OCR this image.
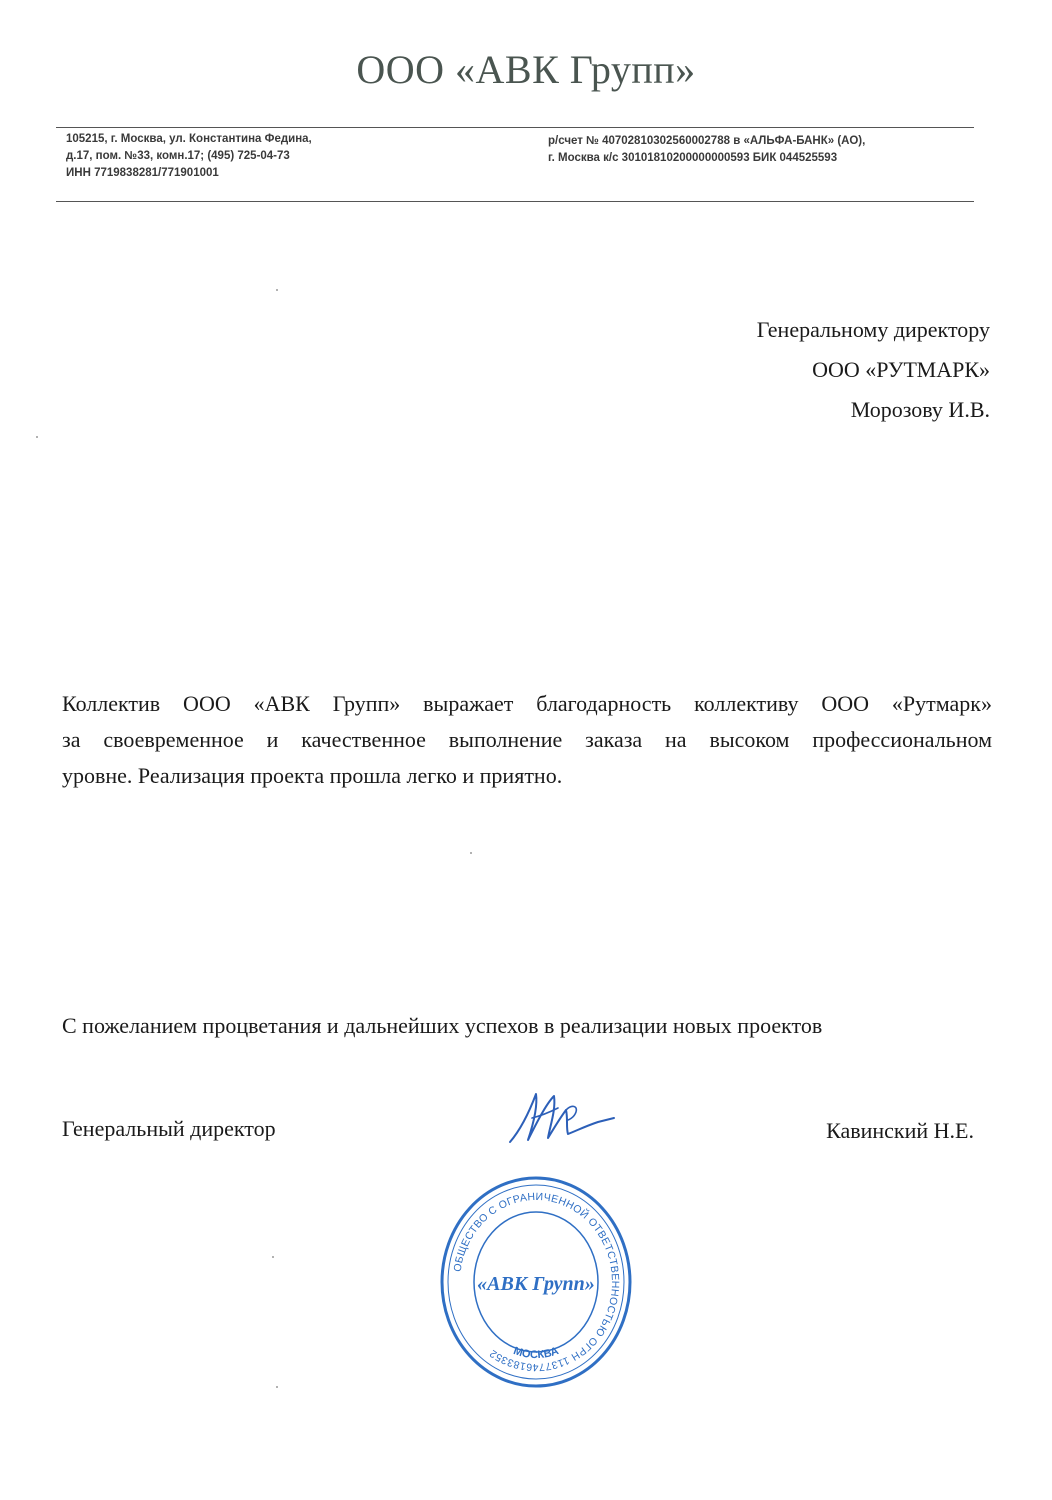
ООО «АВК Групп»
105215, г. Москва, ул. Константина Федина,
д.17, пом. №33, комн.17; (495) 725-04-73
ИНН 7719838281/771901001
р/счет № 40702810302560002788 в «АЛЬФА-БАНК» (АО),
г. Москва к/с 30101810200000000593 БИК 044525593
Генеральному директору
ООО «РУТМАРК»
Морозову И.В.
Коллектив ООО «АВК Групп» выражает благодарность коллективу ООО «Рутмарк»
за своевременное и качественное выполнение заказа на высоком профессиональном
уровне. Реализация проекта прошла легко и приятно.
С пожеланием процветания и дальнейших успехов в реализации новых проектов
Генеральный директор	Кавинский Н.Е.
ОБЩЕСТВО С ОГРАНИЧЕННОЙ ОТВЕТСТВЕННОСТЬЮ ОГРН 1137746183352
«АВК Групп»
МОСКВА
